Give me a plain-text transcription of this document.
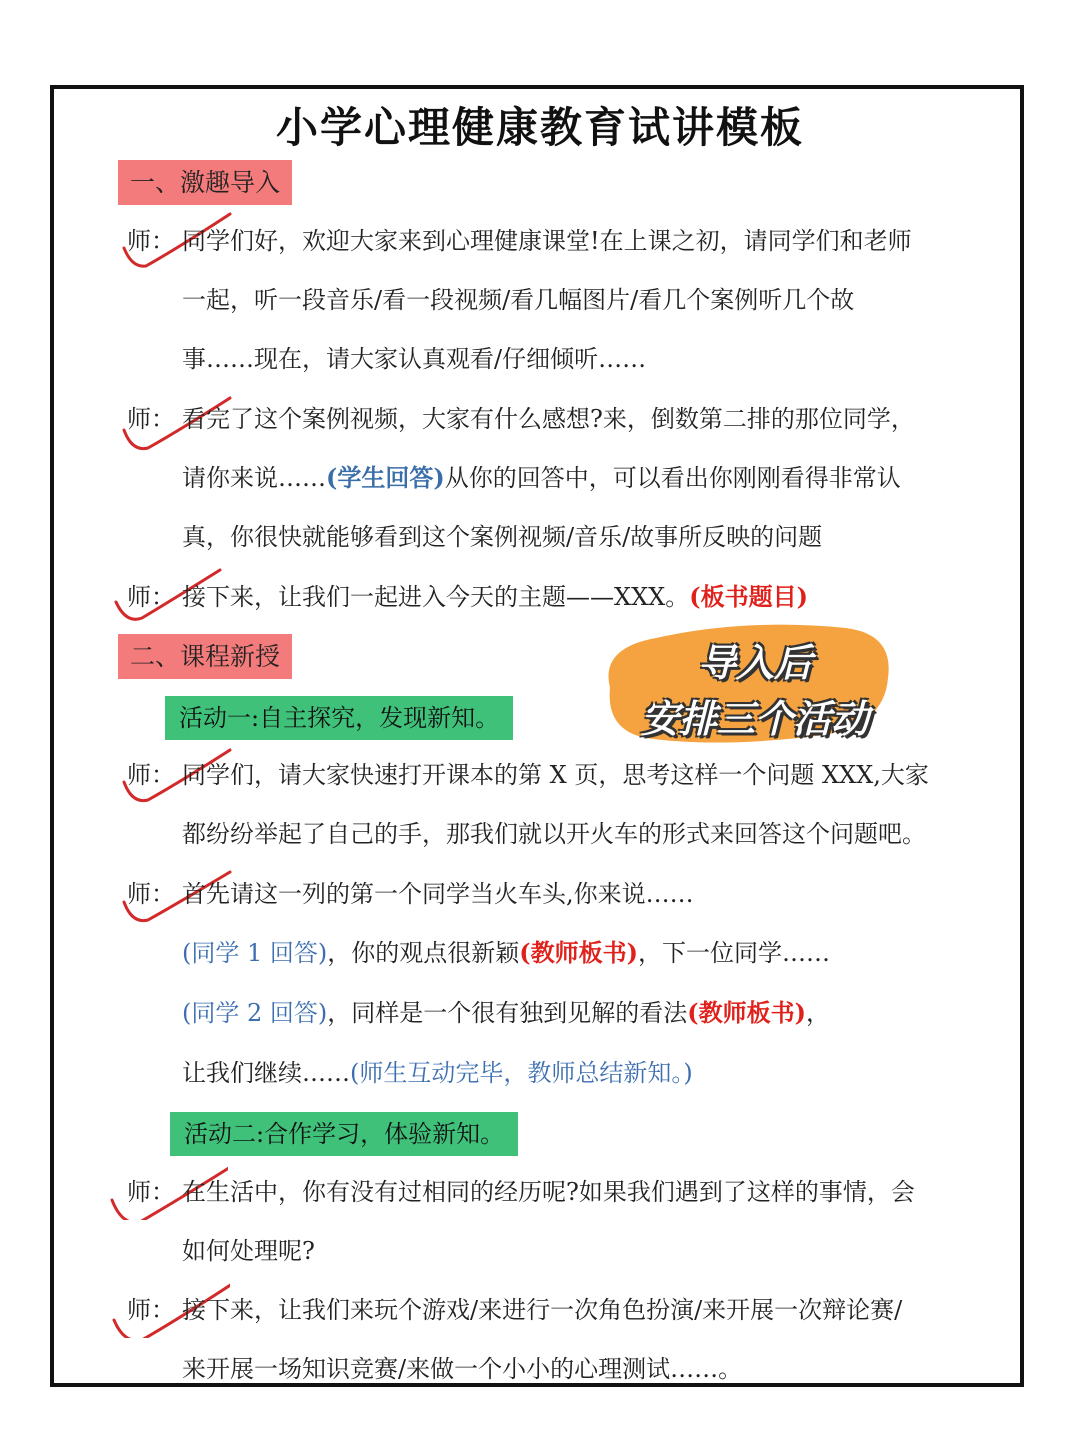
小学心理健康教育试讲模板
一、激趣导入
师： 同学们好，欢迎大家来到心理健康课堂!在上课之初，请同学们和老师
一起，听一段音乐/看一段视频/看几幅图片/看几个案例听几个故
事……现在，请大家认真观看/仔细倾听……
师： 看完了这个案例视频，大家有什么感想?来，倒数第二排的那位同学，
请你来说……(学生回答)从你的回答中，可以看出你刚刚看得非常认
真，你很快就能够看到这个案例视频/音乐/故事所反映的问题
师： 接下来，让我们一起进入今天的主题——XXX。(板书题目)
二、课程新授	导入后
安排三个活动
活动一:自主探究，发现新知。
师： 同学们，请大家快速打开课本的第 X 页，思考这样一个问题 XXX,大家
都纷纷举起了自己的手，那我们就以开火车的形式来回答这个问题吧。
师： 首先请这一列的第一个同学当火车头,你来说……
(同学 1 回答)，你的观点很新颖(教师板书)，下一位同学……
(同学 2 回答)，同样是一个很有独到见解的看法(教师板书)，
让我们继续……(师生互动完毕，教师总结新知。)
活动二:合作学习，体验新知。
师： 在生活中，你有没有过相同的经历呢?如果我们遇到了这样的事情，会
如何处理呢?
师： 接下来，让我们来玩个游戏/来进行一次角色扮演/来开展一次辩论赛/
来开展一场知识竞赛/来做一个小小的心理测试……。
